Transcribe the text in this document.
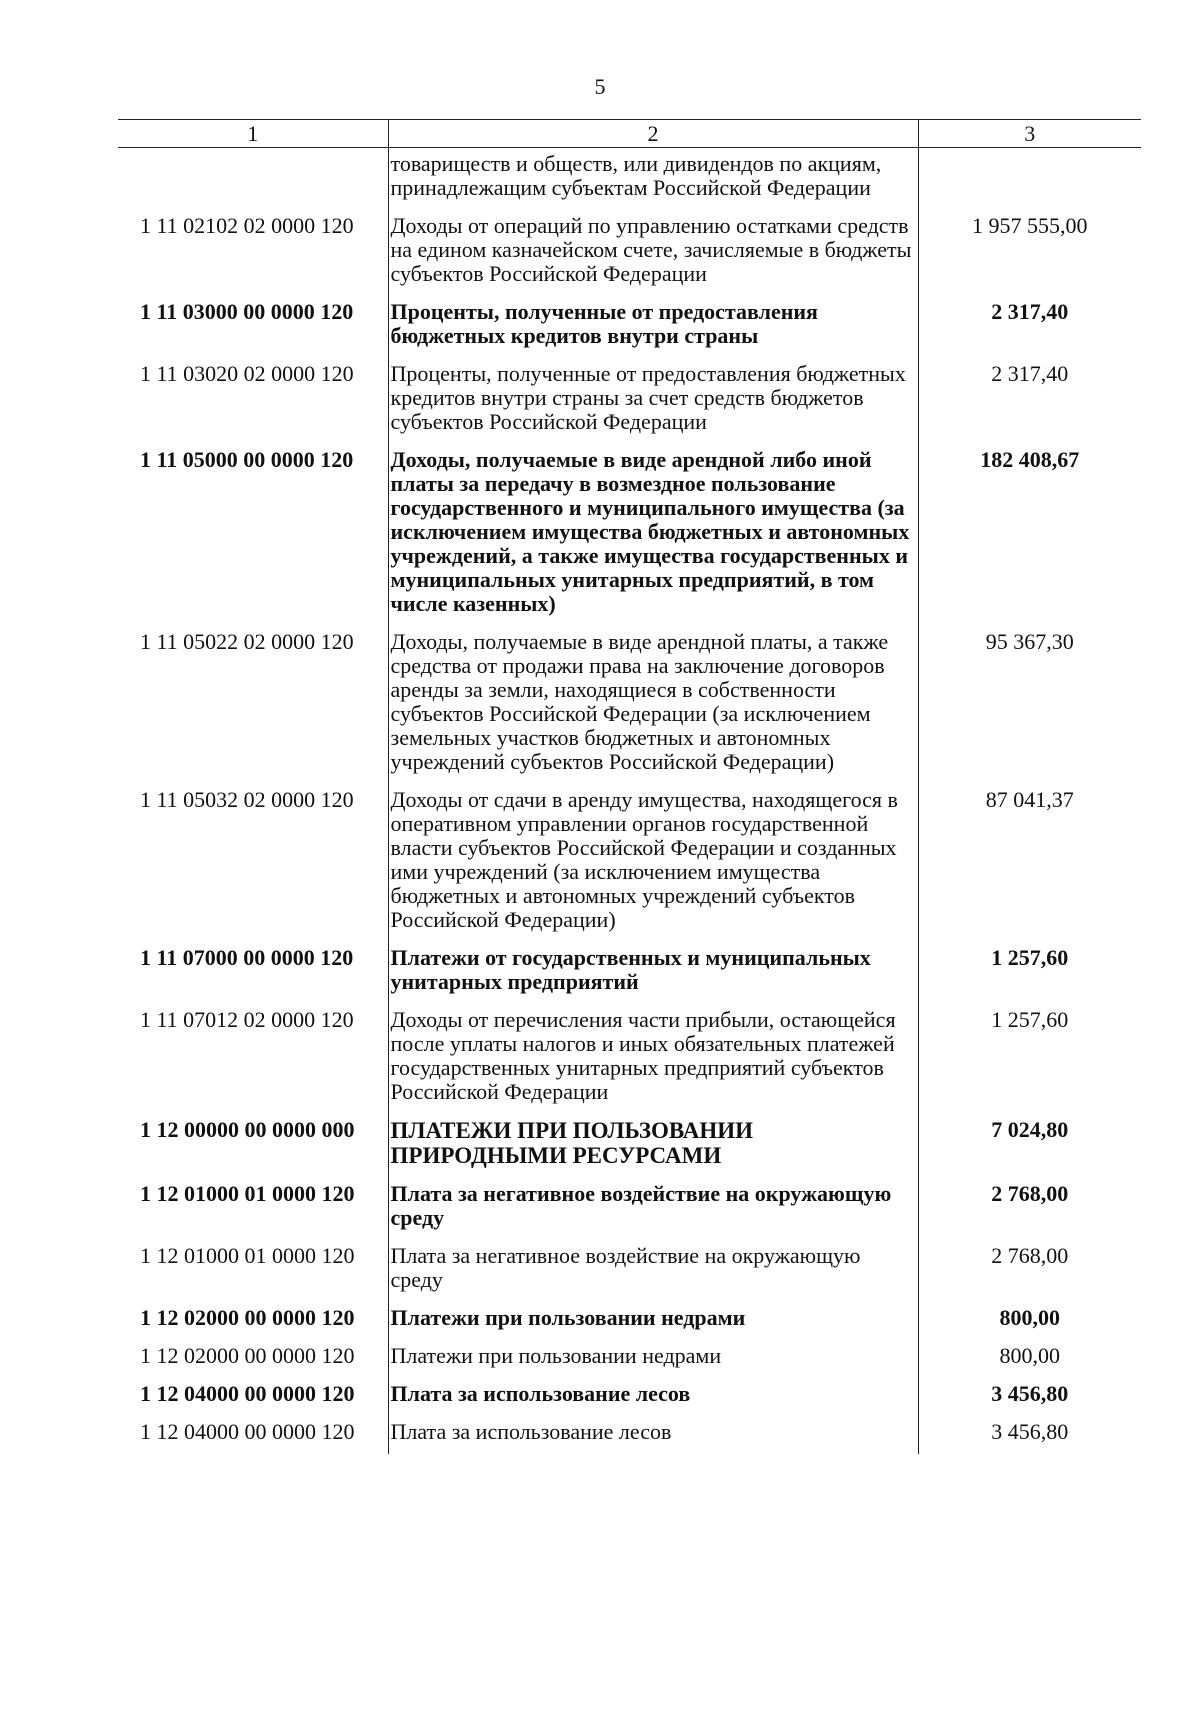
5
1	2	3
	товариществ и обществ, или дивидендов по акциям, принадлежащим субъектам Российской Федерации	
1 11 02102 02 0000 120	Доходы от операций по управлению остатками средств на едином казначейском счете, зачисляемые в бюджеты субъектов Российской Федерации	1 957 555,00
1 11 03000 00 0000 120	Проценты, полученные от предоставления бюджетных кредитов внутри страны	2 317,40
1 11 03020 02 0000 120	Проценты, полученные от предоставления бюджетных кредитов внутри страны за счет средств бюджетов субъектов Российской Федерации	2 317,40
1 11 05000 00 0000 120	Доходы, получаемые в виде арендной либо иной платы за передачу в возмездное пользование государственного и муниципального имущества (за исключением имущества бюджетных и автономных учреждений, а также имущества государственных и муниципальных унитарных предприятий, в том числе казенных)	182 408,67
1 11 05022 02 0000 120	Доходы, получаемые в виде арендной платы, а также средства от продажи права на заключение договоров аренды за земли, находящиеся в собственности субъектов Российской Федерации (за исключением земельных участков бюджетных и автономных учреждений субъектов Российской Федерации)	95 367,30
1 11 05032 02 0000 120	Доходы от сдачи в аренду имущества, находящегося в оперативном управлении органов государственной власти субъектов Российской Федерации и созданных ими учреждений (за исключением имущества бюджетных и автономных учреждений субъектов Российской Федерации)	87 041,37
1 11 07000 00 0000 120	Платежи от государственных и муниципальных унитарных предприятий	1 257,60
1 11 07012 02 0000 120	Доходы от перечисления части прибыли, остающейся после уплаты налогов и иных обязательных платежей государственных унитарных предприятий субъектов Российской Федерации	1 257,60
1 12 00000 00 0000 000	ПЛАТЕЖИ ПРИ ПОЛЬЗОВАНИИ ПРИРОДНЫМИ РЕСУРСАМИ	7 024,80
1 12 01000 01 0000 120	Плата за негативное воздействие на окружающую среду	2 768,00
1 12 01000 01 0000 120	Плата за негативное воздействие на окружающую среду	2 768,00
1 12 02000 00 0000 120	Платежи при пользовании недрами	800,00
1 12 02000 00 0000 120	Платежи при пользовании недрами	800,00
1 12 04000 00 0000 120	Плата за использование лесов	3 456,80
1 12 04000 00 0000 120	Плата за использование лесов	3 456,80
